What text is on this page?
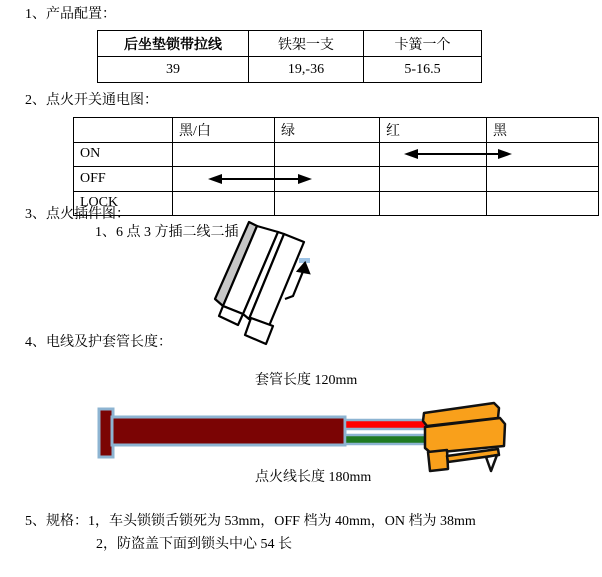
1、产品配置：
后坐垫锁带拉线	铁架一支	卡簧一个
39	19,-36	5-16.5
2、点火开关通电图：
	黑/白	绿	红	黑
ON				
OFF				
LOCK				
3、点火插件图：
1、6 点 3 方插二线二插
4、电线及护套管长度：
套管长度 120mm
点火线长度 180mm
5、规格：1，车头锁锁舌锁死为 53mm，OFF 档为 40mm，ON 档为 38mm
2，防盗盖下面到锁头中心 54 长
